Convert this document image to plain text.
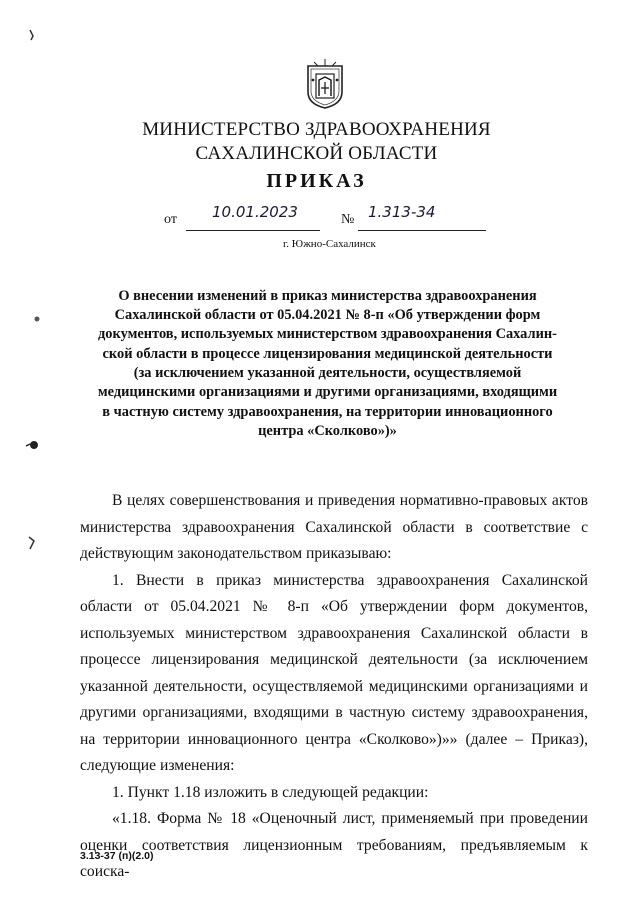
МИНИСТЕРСТВО ЗДРАВООХРАНЕНИЯ
САХАЛИНСКОЙ ОБЛАСТИ
ПРИКАЗ
от 10.01.2023	№ 1.313-34
г. Южно-Сахалинск
О внесении изменений в приказ министерства здравоохранения
Сахалинской области от 05.04.2021 № 8-п «Об утверждении форм
документов, используемых министерством здравоохранения Сахалин-
ской области в процессе лицензирования медицинской деятельности
(за исключением указанной деятельности, осуществляемой
медицинскими организациями и другими организациями, входящими
в частную систему здравоохранения, на территории инновационного
центра «Сколково»)»

В целях совершенствования и приведения нормативно-правовых актов министерства здравоохранения Сахалинской области в соответствие с действующим законодательством приказываю:

1. Внести в приказ министерства здравоохранения Сахалинской области от 05.04.2021 № 8-п «Об утверждении форм документов, используемых министерством здравоохранения Сахалинской области в процессе лицензирования медицинской деятельности (за исключением указанной деятельности, осуществляемой медицинскими организациями и другими организациями, входящими в частную систему здравоохранения, на территории инновационного центра «Сколково»)»» (далее – Приказ), следующие изменения:

1. Пункт 1.18 изложить в следующей редакции:

«1.18. Форма № 18 «Оценочный лист, применяемый при проведении оценки соответствия лицензионным требованиям, предъявляемым к соиска-

3.13-37 (п)(2.0)
